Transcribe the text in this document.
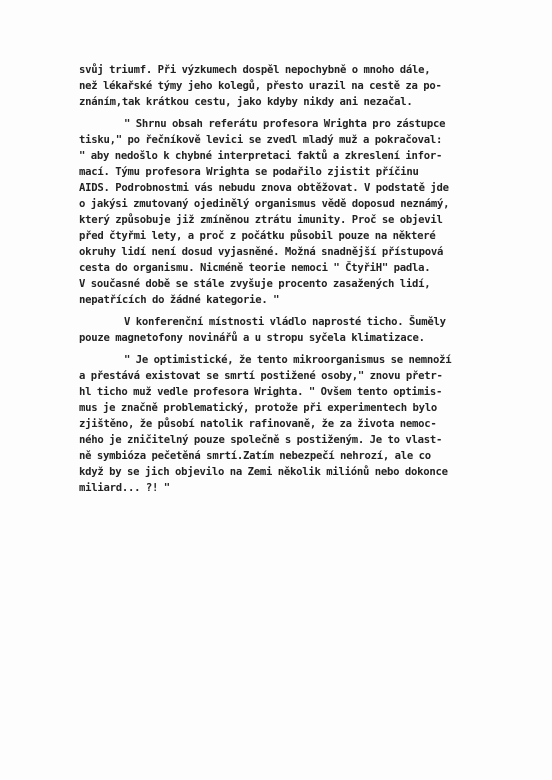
svůj triumf. Při výzkumech dospěl nepochybně o mnoho dále,
než lékařské týmy jeho kolegů, přesto urazil na cestě za po-
znáním,tak krátkou cestu, jako kdyby nikdy ani nezačal.
" Shrnu obsah referátu profesora Wrighta pro zástupce
tisku," po řečníkově levici se zvedl mladý muž a pokračoval:
" aby nedošlo k chybné interpretaci faktů a zkreslení infor-
mací. Týmu profesora Wrighta se podařilo zjistit příčinu
AIDS. Podrobnostmi vás nebudu znova obtěžovat. V podstatě jde
o jakýsi zmutovaný ojedinělý organismus vědě doposud neznámý,
který způsobuje již zmíněnou ztrátu imunity. Proč se objevil
před čtyřmi lety, a proč z počátku působil pouze na některé
okruhy lidí není dosud vyjasněné. Možná snadnější přístupová
cesta do organismu. Nicméně teorie nemoci " ČtyřiH" padla.
V současné době se stále zvyšuje procento zasažených lidí,
nepatřících do žádné kategorie. "
V konferenční místnosti vládlo naprosté ticho. Šuměly
pouze magnetofony novinářů a u stropu syčela klimatizace.
" Je optimistické, že tento mikroorganismus se nemnoží
a přestává existovat se smrtí postižené osoby," znovu přetr-
hl ticho muž vedle profesora Wrighta. " Ovšem tento optimis-
mus je značně problematický, protože při experimentech bylo
zjištěno, že působí natolik rafinovaně, že za života nemoc-
ného je zničitelný pouze společně s postiženým. Je to vlast-
ně symbióza pečetěná smrtí.Zatím nebezpečí nehrozí, ale co
když by se jich objevilo na Zemi několik miliónů nebo dokonce
miliard... ?! "
